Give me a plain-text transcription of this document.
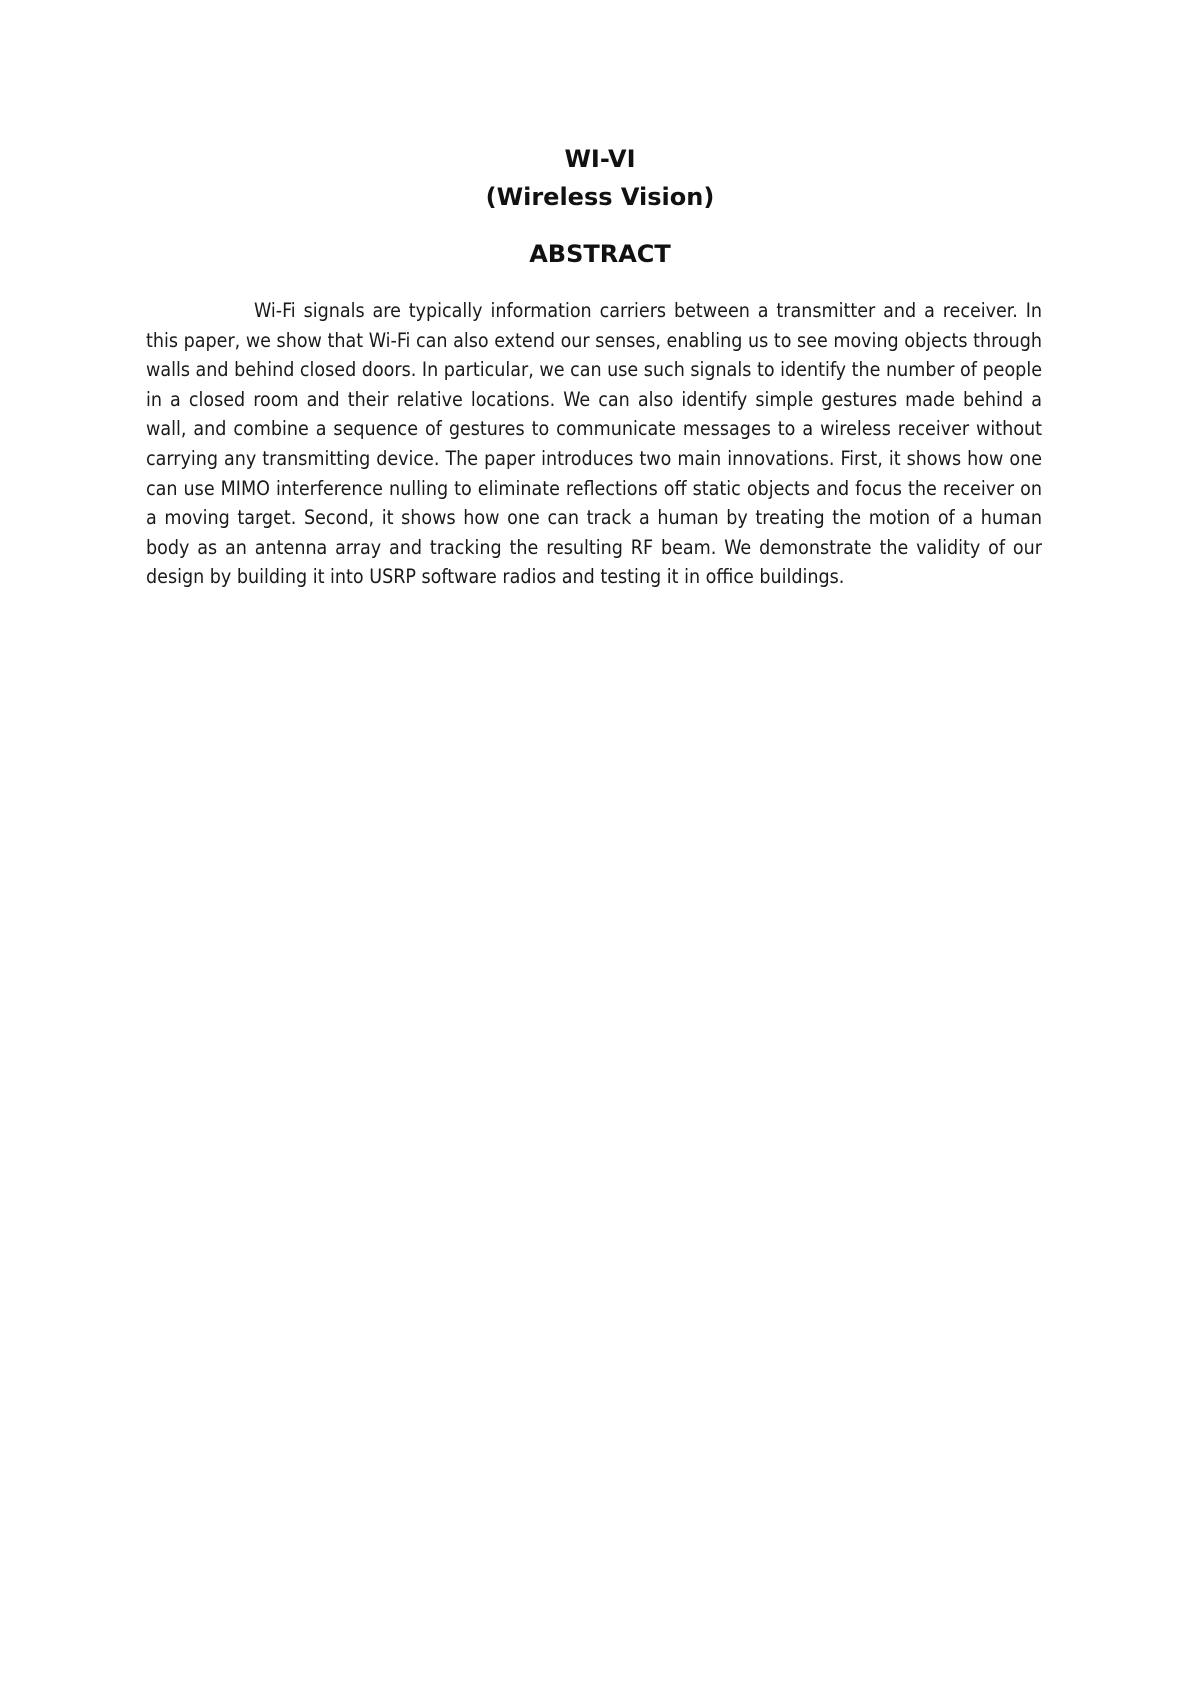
WI-VI
(Wireless Vision)
ABSTRACT

Wi-Fi signals are typically information carriers between a transmitter and a receiver. In this paper, we show that Wi-Fi can also extend our senses, enabling us to see moving objects through walls and behind closed doors. In particular, we can use such signals to identify the number of people in a closed room and their relative locations. We can also identify simple gestures made behind a wall, and combine a sequence of gestures to communicate messages to a wireless receiver without carrying any transmitting device. The paper introduces two main innovations. First, it shows how one can use MIMO interference nulling to eliminate reflections off static objects and focus the receiver on a moving target. Second, it shows how one can track a human by treating the motion of a human body as an antenna array and tracking the resulting RF beam. We demonstrate the validity of our design by building it into USRP software radios and testing it in office buildings.
